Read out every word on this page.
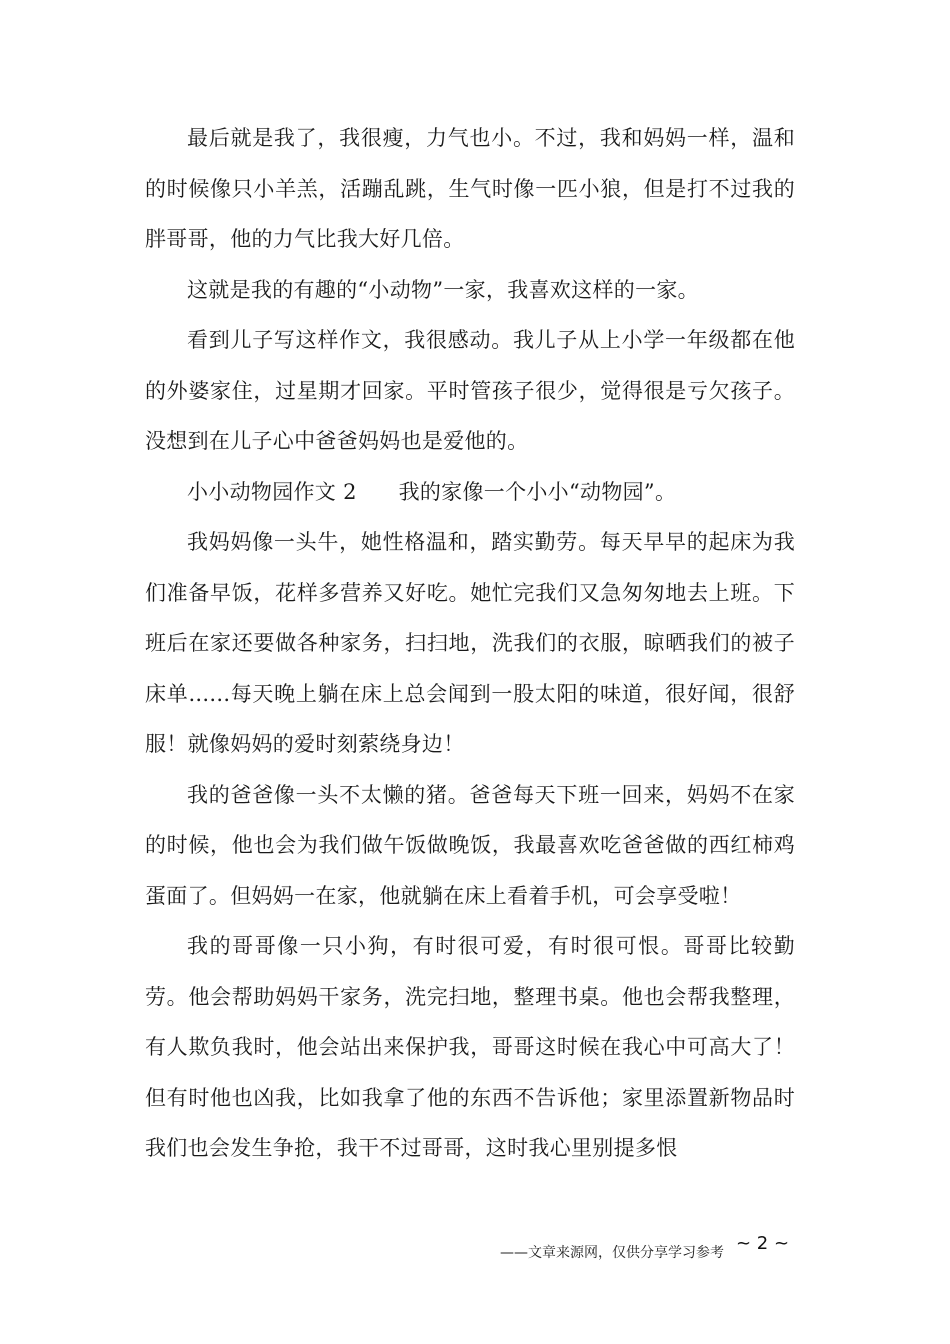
最后就是我了，我很瘦，力气也小。不过，我和妈妈一样，温和的时候像只小羊羔，活蹦乱跳，生气时像一匹小狼，但是打不过我的胖哥哥，他的力气比我大好几倍。

这就是我的有趣的“小动物”一家，我喜欢这样的一家。

看到儿子写这样作文，我很感动。我儿子从上小学一年级都在他的外婆家住，过星期才回家。平时管孩子很少，觉得很是亏欠孩子。没想到在儿子心中爸爸妈妈也是爱他的。

小小动物园作文 2      我的家像一个小小“动物园”。

我妈妈像一头牛，她性格温和，踏实勤劳。每天早早的起床为我们准备早饭，花样多营养又好吃。她忙完我们又急匆匆地去上班。下班后在家还要做各种家务，扫扫地，洗我们的衣服，晾晒我们的被子床单......每天晚上躺在床上总会闻到一股太阳的味道，很好闻，很舒服！就像妈妈的爱时刻萦绕身边！

我的爸爸像一头不太懒的猪。爸爸每天下班一回来，妈妈不在家的时候，他也会为我们做午饭做晚饭，我最喜欢吃爸爸做的西红柿鸡蛋面了。但妈妈一在家，他就躺在床上看着手机，可会享受啦！

我的哥哥像一只小狗，有时很可爱，有时很可恨。哥哥比较勤劳。他会帮助妈妈干家务，洗完扫地，整理书桌。他也会帮我整理，有人欺负我时，他会站出来保护我，哥哥这时候在我心中可高大了！但有时他也凶我，比如我拿了他的东西不告诉他；家里添置新物品时我们也会发生争抢，我干不过哥哥，这时我心里别提多恨

——文章来源网，仅供分享学习参考 ~ 2 ~
